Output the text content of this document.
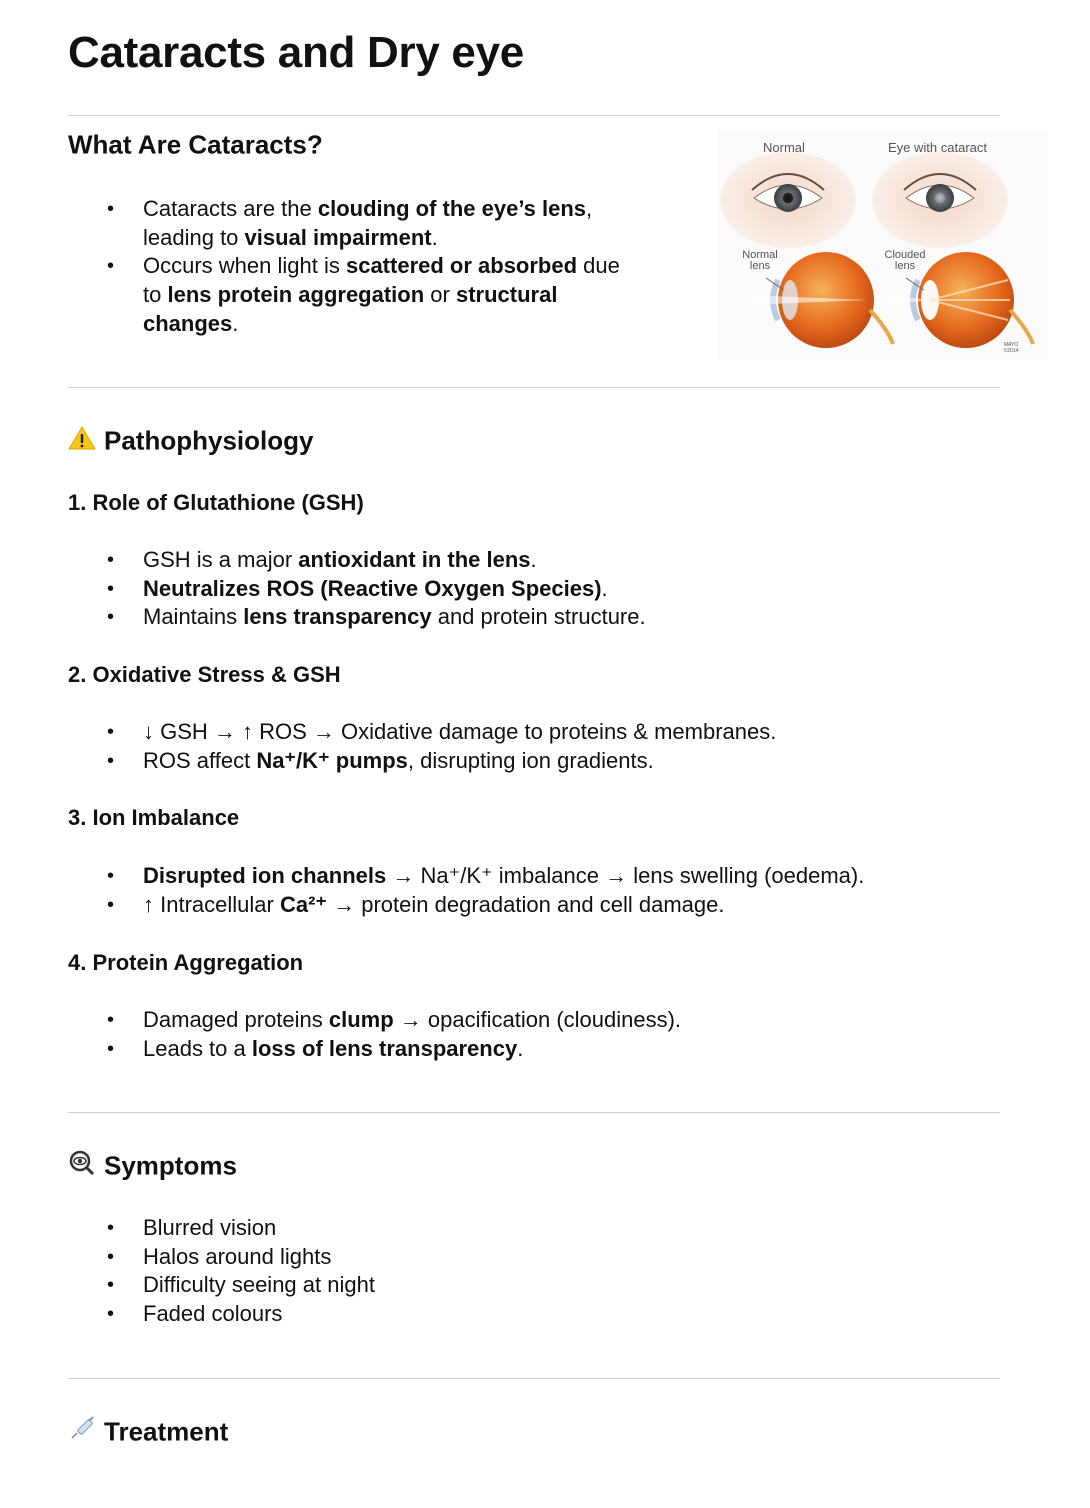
Cataracts and Dry eye
What Are Cataracts?
• Cataracts are the clouding of the eye’s lens,
leading to visual impairment.
• Occurs when light is scattered or absorbed due
to lens protein aggregation or structural
changes.
Normal	Eye with cataract
Normal
lens
Clouded
lens
MAYO
©2014
Pathophysiology
1. Role of Glutathione (GSH)
• GSH is a major antioxidant in the lens.
• Neutralizes ROS (Reactive Oxygen Species).
• Maintains lens transparency and protein structure.
2. Oxidative Stress & GSH
• ↓ GSH → ↑ ROS → Oxidative damage to proteins & membranes.
• ROS affect Na⁺/K⁺ pumps, disrupting ion gradients.
3. Ion Imbalance
• Disrupted ion channels → Na⁺/K⁺ imbalance → lens swelling (oedema).
• ↑ Intracellular Ca²⁺ → protein degradation and cell damage.
4. Protein Aggregation
• Damaged proteins clump → opacification (cloudiness).
• Leads to a loss of lens transparency.
Symptoms
• Blurred vision
• Halos around lights
• Difficulty seeing at night
• Faded colours
Treatment
